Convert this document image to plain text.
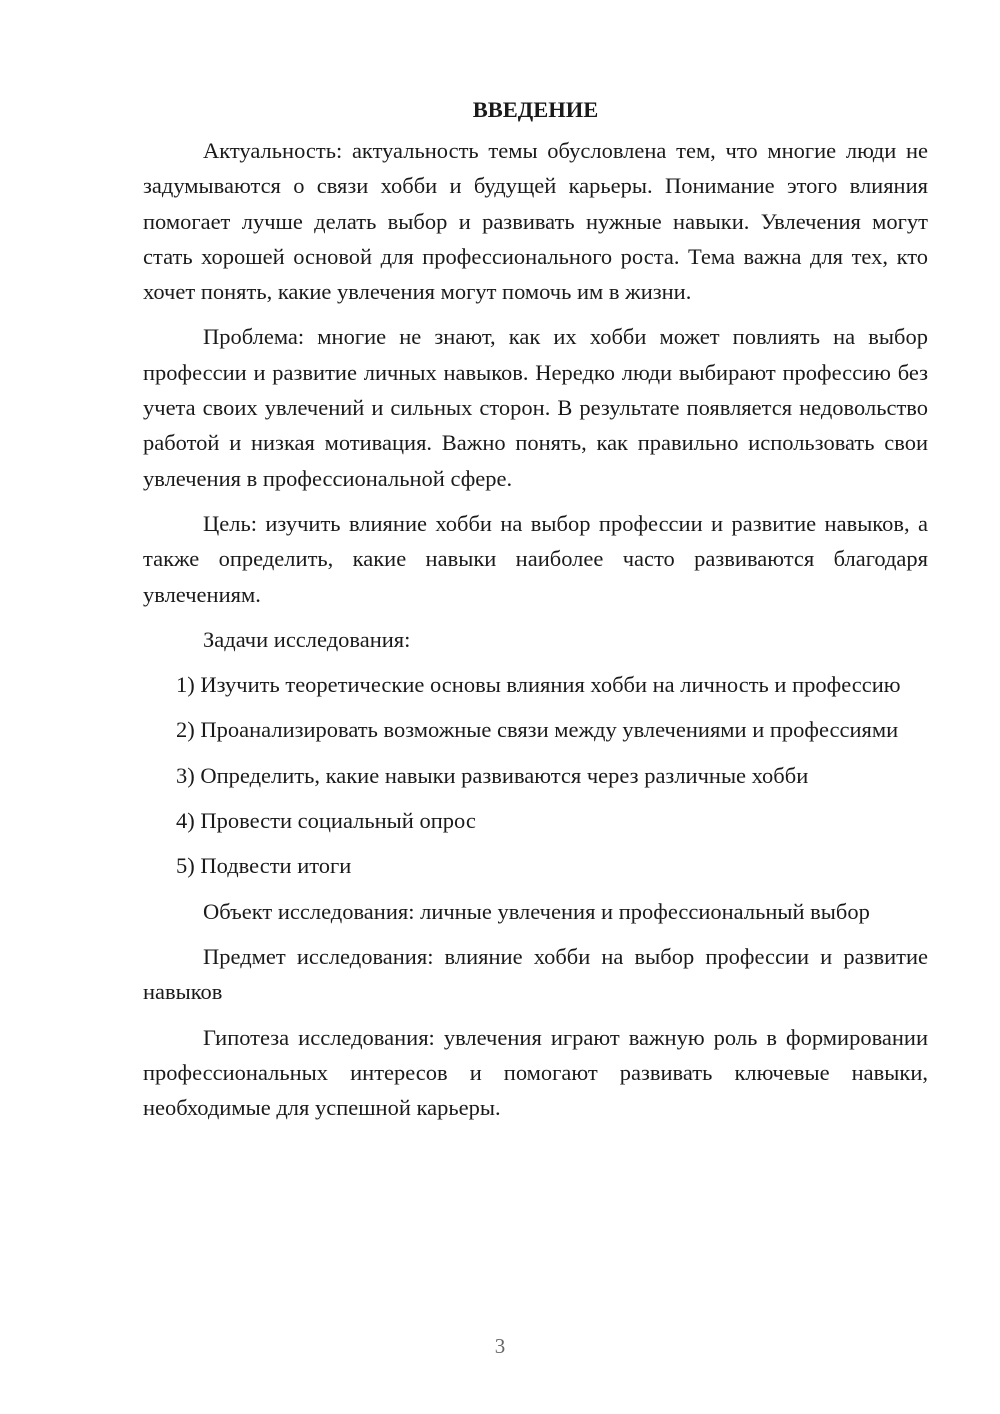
ВВЕДЕНИЕ

Актуальность: актуальность темы обусловлена тем, что многие люди не задумываются о связи хобби и будущей карьеры. Понимание этого влияния помогает лучше делать выбор и развивать нужные навыки. Увлечения могут стать хорошей основой для профессионального роста. Тема важна для тех, кто хочет понять, какие увлечения могут помочь им в жизни.

Проблема: многие не знают, как их хобби может повлиять на выбор профессии и развитие личных навыков. Нередко люди выбирают профессию без учета своих увлечений и сильных сторон. В результате появляется недовольство работой и низкая мотивация. Важно понять, как правильно использовать свои увлечения в профессиональной сфере.

Цель: изучить влияние хобби на выбор профессии и развитие навыков, а также определить, какие навыки наиболее часто развиваются благодаря увлечениям.

Задачи исследования:

1) Изучить теоретические основы влияния хобби на личность и профессию

2) Проанализировать возможные связи между увлечениями и профессиями

3) Определить, какие навыки развиваются через различные хобби

4) Провести социальный опрос

5) Подвести итоги

Объект исследования: личные увлечения и профессиональный выбор

Предмет исследования: влияние хобби на выбор профессии и развитие навыков

Гипотеза исследования: увлечения играют важную роль в формировании профессиональных интересов и помогают развивать ключевые навыки, необходимые для успешной карьеры.

3
